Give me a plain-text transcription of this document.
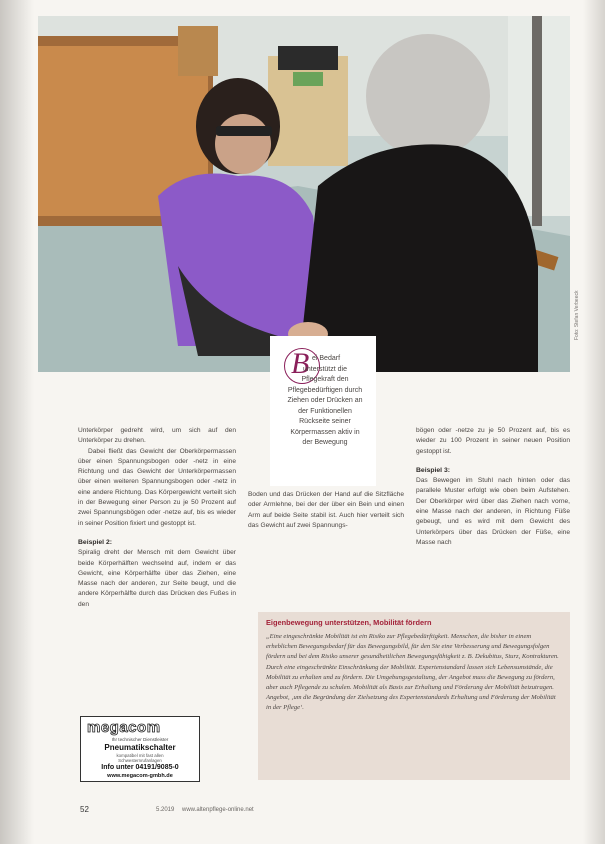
Foto: Stefan Verbeeck
B ei Bedarf
unterstützt die Pflegekraft den Pflegebedürftigen durch Ziehen oder Drücken an der Funktionellen Rückseite seiner Körpermassen aktiv in der Bewegung

Unterkörper gedreht wird, um sich auf den Unterkörper zu drehen.

Dabei fließt das Gewicht der Oberkörpermassen über einen Spannungsbogen oder -netz in eine Richtung und das Gewicht der Unterkörpermassen über einen weiteren Spannungsbogen oder -netz in eine andere Richtung. Das Körpergewicht verteilt sich in der Bewegung einer Person zu je 50 Prozent auf zwei Spannungsbögen oder -netze auf, bis es wieder in seiner Position fixiert und gestoppt ist.

Beispiel 2:

Spiralig dreht der Mensch mit dem Gewicht über beide Körperhälften wechselnd auf, indem er das Gewicht, eine Körperhälfte über das Ziehen, eine Masse nach der anderen, zur Seite beugt, und die andere Körperhälfte durch das Drücken des Fußes in den

Boden und das Drücken der Hand auf die Sitzfläche oder Armlehne, bei der der über ein Bein und einen Arm auf beide Seite stabil ist. Auch hier verteilt sich das Gewicht auf zwei Spannungs-

bögen oder -netze zu je 50 Prozent auf, bis es wieder zu 100 Prozent in seiner neuen Position gestoppt ist.

Beispiel 3:

Das Bewegen im Stuhl nach hinten oder das parallele Muster erfolgt wie oben beim Aufstehen. Der Oberkörper wird über das Ziehen nach vorne, eine Masse nach der anderen, in Richtung Füße gebeugt, und es wird mit dem Gewicht des Unterkörpers über das Drücken der Füße, eine Masse nach

Eigenbewegung unterstützen, Mobilität fördern

„Eine eingeschränkte Mobilität ist ein Risiko zur Pflegebedürftigkeit. Menschen, die bisher in einem erheblichen Bewegungsbedarf für das Bewegungsbild, für den Sie eine Verbesserung und Bewegungsfolgen fördern und bei dem Risiko unserer gesundheitlichen Bewegungsfähigkeit z. B. Dekubitus, Sturz, Kontrakturen. Durch eine eingeschränkte Einschränkung der Mobilität. Expertenstandard lassen sich Lebensumstände, die Mobilität zu erhalten und zu fördern. Die Umgebungsgestaltung, der Angebot muss die Bewegung zu fördern, aber auch Pflegende zu schulen. Mobilität als Basis zur Erhaltung und Förderung der Mobilität beizutragen. Angebot, ‚um die Begründung der Zielsetzung des Expertenstandards Erhaltung und Förderung der Mobilität in der Pflege‘.

megacom
Ihr technischer Dienstleister
Pneumatikschalter
kompatibel mit fast allen
Schwesternrufanlagen
Info unter 04191/9085-0
www.megacom-gmbh.de
52	5.2019 www.altenpflege-online.net
